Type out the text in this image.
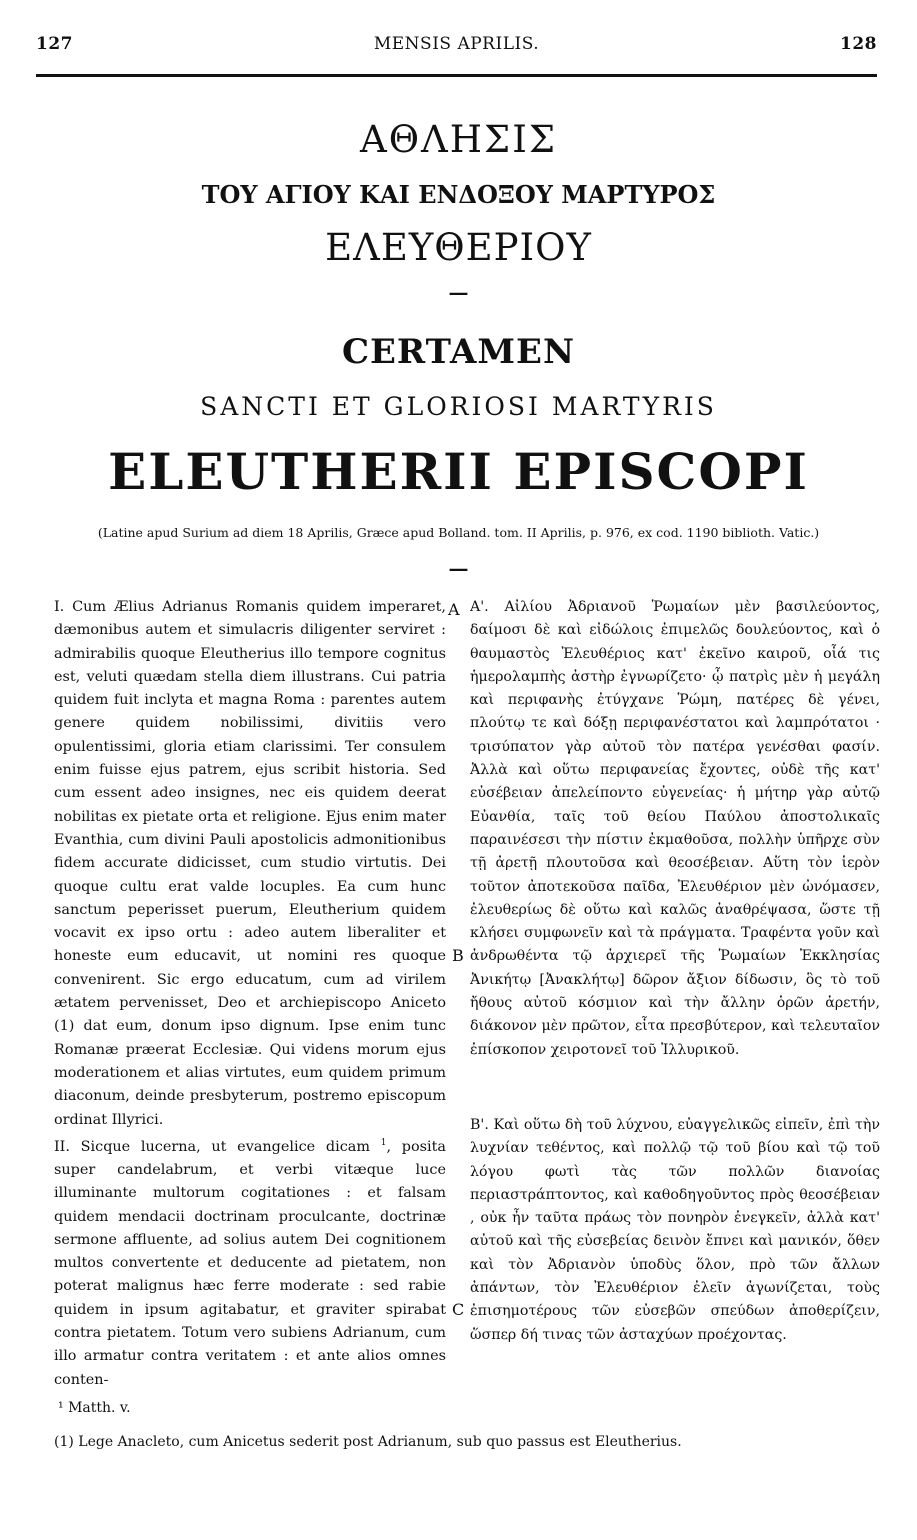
127	MENSIS APRILIS.	128
ΑΘΛΗΣΙΣ
ΤΟΥ ΑΓΙΟΥ ΚΑΙ ΕΝΔΟΞΟΥ ΜΑΡΤΥΡΟΣ
ΕΛΕΥΘΕΡΙΟΥ
—
CERTAMEN
SANCTI ET GLORIOSI MARTYRIS
ELEUTHERII EPISCOPI
(Latine apud Surium ad diem 18 Aprilis, Græce apud Bolland. tom. II Aprilis, p. 976, ex cod. 1190 biblioth. Vatic.)
—

I. Cum Ælius Adrianus Romanis quidem imperaret, dæmonibus autem et simulacris diligenter serviret : admirabilis quoque Eleutherius illo tempore cognitus est, veluti quædam stella diem illustrans. Cui patria quidem fuit inclyta et magna Roma : parentes autem genere quidem nobilissimi, divitiis vero opulentissimi, gloria etiam clarissimi. Ter consulem enim fuisse ejus patrem, ejus scribit historia. Sed cum essent adeo insignes, nec eis quidem deerat nobilitas ex pietate orta et religione. Ejus enim mater Evanthia, cum divini Pauli apostolicis admonitionibus fidem accurate didicisset, cum studio virtutis. Dei quoque cultu erat valde locuples. Ea cum hunc sanctum peperisset puerum, Eleutherium quidem vocavit ex ipso ortu : adeo autem liberaliter et honeste eum educavit, ut nomini res quoque convenirent. Sic ergo educatum, cum ad virilem ætatem pervenisset, Deo et archiepiscopo Aniceto (1) dat eum, donum ipso dignum. Ipse enim tunc Romanæ præerat Ecclesiæ. Qui videns morum ejus moderationem et alias virtutes, eum quidem primum diaconum, deinde presbyterum, postremo episcopum ordinat Illyrici.

II. Sicque lucerna, ut evangelice dicam $^1$, posita super candelabrum, et verbi vitæque luce illuminante multorum cogitationes : et falsam quidem mendacii doctrinam proculcante, doctrinæ sermone affluente, ad solius autem Dei cognitionem multos convertente et deducente ad pietatem, non poterat malignus hæc ferre moderate : sed rabie quidem in ipsum agitabatur, et graviter spirabat contra pietatem. Totum vero subiens Adrianum, cum illo armatur contra veritatem : et ante alios omnes conten-

A
B
C

Α'. Αἰλίου Ἀδριανοῦ Ῥωμαίων μὲν βασιλεύοντος, δαίμοσι δὲ καὶ εἰδώλοις ἐπιμελῶς δουλεύοντος, καὶ ὁ θαυμαστὸς Ἐλευθέριος κατ' ἐκεῖνο καιροῦ, οἷά τις ἡμερολαμπὴς ἀστὴρ ἐγνωρίζετο· ᾧ πατρὶς μὲν ἡ μεγάλη καὶ περιφανὴς ἐτύγχανε Ῥώμη, πατέρες δὲ γένει, πλούτῳ τε καὶ δόξῃ περιφανέστατοι καὶ λαμπρότατοι · τρισύπατον γὰρ αὐτοῦ τὸν πατέρα γενέσθαι φασίν. Ἀλλὰ καὶ οὕτω περιφανείας ἔχοντες, οὐδὲ τῆς κατ' εὐσέβειαν ἀπελείποντο εὐγενείας· ἡ μήτηρ γὰρ αὐτῷ Εὐανθία, ταῖς τοῦ θείου Παύλου ἀποστολικαῖς παραινέσεσι τὴν πίστιν ἐκμαθοῦσα, πολλὴν ὑπῆρχε σὺν τῇ ἀρετῇ πλουτοῦσα καὶ θεοσέβειαν. Αὕτη τὸν ἱερὸν τοῦτον ἀποτεκοῦσα παῖδα, Ἐλευθέριον μὲν ὠνόμασεν, ἐλευθερίως δὲ οὕτω καὶ καλῶς ἀναθρέψασα, ὥστε τῇ κλήσει συμφωνεῖν καὶ τὰ πράγματα. Τραφέντα γοῦν καὶ ἀνδρωθέντα τῷ ἀρχιερεῖ τῆς Ῥωμαίων Ἐκκλησίας Ἀνικήτῳ [Ἀνακλήτῳ] δῶρον ἄξιον δίδωσιν, ὃς τὸ τοῦ ἤθους αὐτοῦ κόσμιον καὶ τὴν ἄλλην ὁρῶν ἀρετήν, διάκονον μὲν πρῶτον, εἶτα πρεσβύτερον, καὶ τελευταῖον ἐπίσκοπον χειροτονεῖ τοῦ Ἰλλυρικοῦ.

Β'. Καὶ οὕτω δὴ τοῦ λύχνου, εὐαγγελικῶς εἰπεῖν, ἐπὶ τὴν λυχνίαν τεθέντος, καὶ πολλῷ τῷ τοῦ βίου καὶ τῷ τοῦ λόγου φωτὶ τὰς τῶν πολλῶν διανοίας περιαστράπτοντος, καὶ καθοδηγοῦντος πρὸς θεοσέβειαν , οὐκ ἦν ταῦτα πράως τὸν πονηρὸν ἐνεγκεῖν, ἀλλὰ κατ' αὐτοῦ καὶ τῆς εὐσεβείας δεινὸν ἔπνει καὶ μανικόν, ὅθεν καὶ τὸν Ἀδριανὸν ὑποδὺς ὅλον, πρὸ τῶν ἄλλων ἀπάντων, τὸν Ἐλευθέριον ἐλεῖν ἀγωνίζεται, τοὺς ἐπισημοτέρους τῶν εὐσεβῶν σπεύδων ἀποθερίζειν, ὥσπερ δή τινας τῶν ἀσταχύων προέχοντας.

¹ Matth. v.
(1) Lege Anacleto, cum Anicetus sederit post Adrianum, sub quo passus est Eleutherius.
